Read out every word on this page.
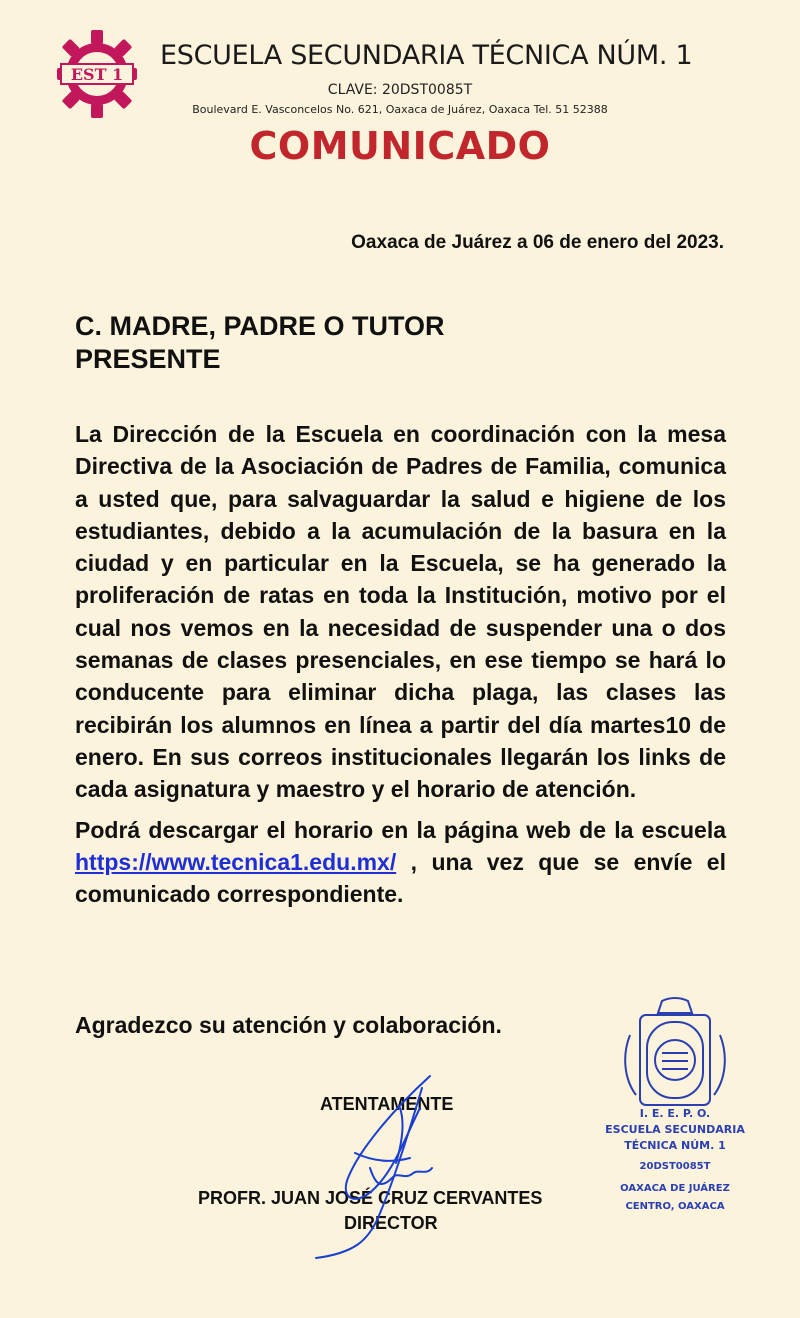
EST 1
ESCUELA SECUNDARIA TÉCNICA NÚM. 1
CLAVE: 20DST0085T
Boulevard E. Vasconcelos No. 621, Oaxaca de Juárez, Oaxaca Tel. 51 52388
COMUNICADO
Oaxaca de Juárez a 06 de enero del 2023.
C. MADRE, PADRE O TUTOR
PRESENTE

La Dirección de la Escuela en coordinación con la mesa Directiva de la Asociación de Padres de Familia, comunica a usted que, para salvaguardar la salud e higiene de los estudiantes, debido a la acumulación de la basura en la ciudad y en particular en la Escuela, se ha generado la proliferación de ratas en toda la Institución, motivo por el cual nos vemos en la necesidad de suspender una o dos semanas de clases presenciales, en ese tiempo se hará lo conducente para eliminar dicha plaga, las clases las recibirán los alumnos en línea a partir del día martes10 de enero. En sus correos institucionales llegarán los links de cada asignatura y maestro y el horario de atención.

Podrá descargar el horario en la página web de la escuela https://www.tecnica1.edu.mx/ , una vez que se envíe el comunicado correspondiente.

Agradezco su atención y colaboración.
ATENTAMENTE
PROFR. JUAN JOSÉ CRUZ CERVANTES
DIRECTOR
I. E. E. P. O.
ESCUELA SECUNDARIA
TÉCNICA NÚM. 1
20DST0085T
OAXACA DE JUÁREZ
CENTRO, OAXACA
